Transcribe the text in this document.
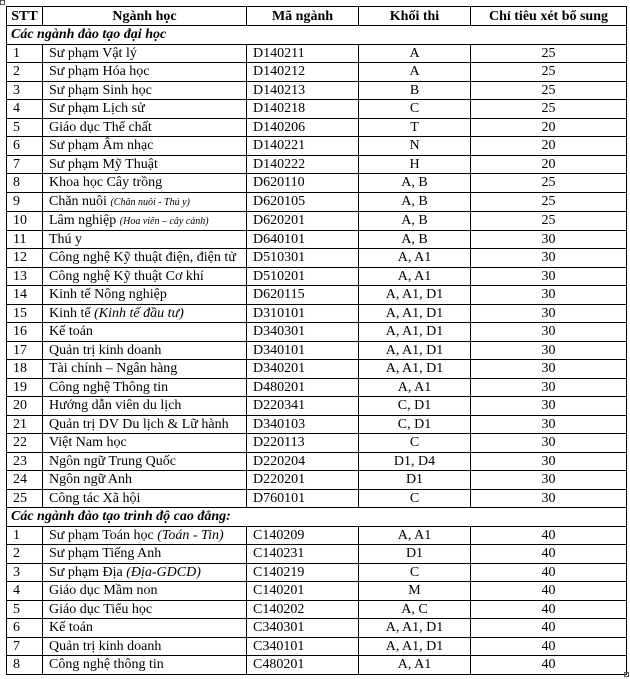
STT	Ngành học	Mã ngành	Khối thi	Chỉ tiêu xét bổ sung
Các ngành đào tạo đại học				
1	Sư phạm Vật lý	D140211	A	25
2	Sư phạm Hóa học	D140212	A	25
3	Sư phạm Sinh học	D140213	B	25
4	Sư phạm Lịch sử	D140218	C	25
5	Giáo dục Thể chất	D140206	T	20
6	Sư phạm Âm nhạc	D140221	N	20
7	Sư phạm Mỹ Thuật	D140222	H	20
8	Khoa học Cây trồng	D620110	A, B	25
9	Chăn nuôi (Chăn nuôi - Thú y)	D620105	A, B	25
10	Lâm nghiệp (Hoa viên – cây cảnh)	D620201	A, B	25
11	Thú y	D640101	A, B	30
12	Công nghệ Kỹ thuật điện, điện tử	D510301	A, A1	30
13	Công nghệ Kỹ thuật Cơ khí	D510201	A, A1	30
14	Kinh tế Nông nghiệp	D620115	A, A1, D1	30
15	Kinh tế (Kinh tế đầu tư)	D310101	A, A1, D1	30
16	Kế toán	D340301	A, A1, D1	30
17	Quản trị kinh doanh	D340101	A, A1, D1	30
18	Tài chính – Ngân hàng	D340201	A, A1, D1	30
19	Công nghệ Thông tin	D480201	A, A1	30
20	Hướng dẫn viên du lịch	D220341	C, D1	30
21	Quản trị DV Du lịch & Lữ hành	D340103	C, D1	30
22	Việt Nam học	D220113	C	30
23	Ngôn ngữ Trung Quốc	D220204	D1, D4	30
24	Ngôn ngữ Anh	D220201	D1	30
25	Công tác Xã hội	D760101	C	30
Các ngành đào tạo trình độ cao đẳng:				
1	Sư phạm Toán học (Toán - Tin)	C140209	A, A1	40
2	Sư phạm Tiếng Anh	C140231	D1	40
3	Sư phạm Địa (Địa-GDCD)	C140219	C	40
4	Giáo dục Mầm non	C140201	M	40
5	Giáo dục Tiểu học	C140202	A, C	40
6	Kế toán	C340301	A, A1, D1	40
7	Quản trị kinh doanh	C340101	A, A1, D1	40
8	Công nghệ thông tin	C480201	A, A1	40
